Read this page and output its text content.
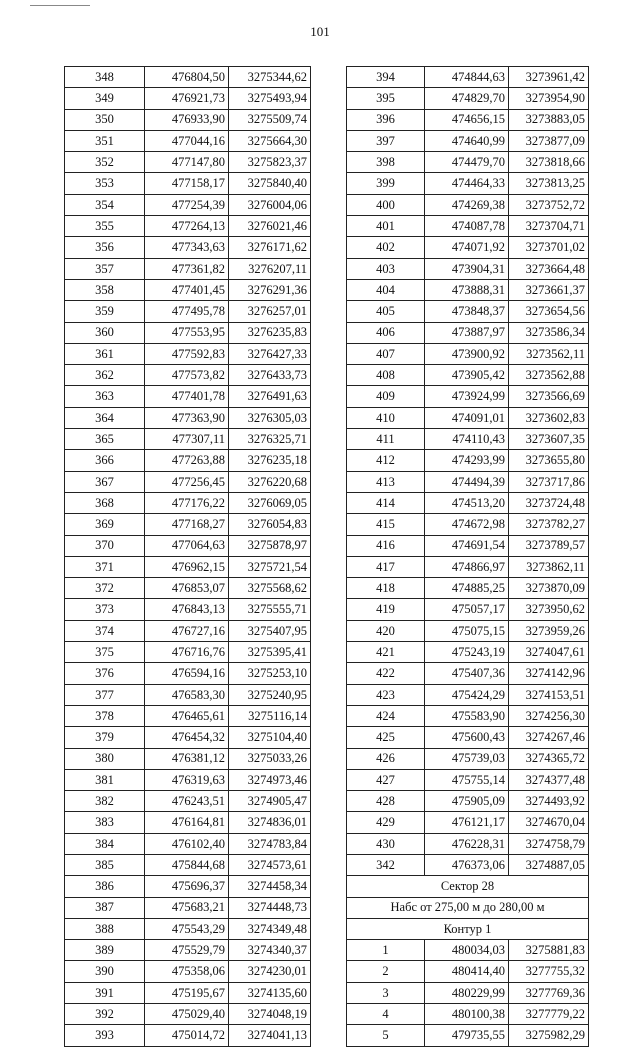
101
348	476804,50	3275344,62
349	476921,73	3275493,94
350	476933,90	3275509,74
351	477044,16	3275664,30
352	477147,80	3275823,37
353	477158,17	3275840,40
354	477254,39	3276004,06
355	477264,13	3276021,46
356	477343,63	3276171,62
357	477361,82	3276207,11
358	477401,45	3276291,36
359	477495,78	3276257,01
360	477553,95	3276235,83
361	477592,83	3276427,33
362	477573,82	3276433,73
363	477401,78	3276491,63
364	477363,90	3276305,03
365	477307,11	3276325,71
366	477263,88	3276235,18
367	477256,45	3276220,68
368	477176,22	3276069,05
369	477168,27	3276054,83
370	477064,63	3275878,97
371	476962,15	3275721,54
372	476853,07	3275568,62
373	476843,13	3275555,71
374	476727,16	3275407,95
375	476716,76	3275395,41
376	476594,16	3275253,10
377	476583,30	3275240,95
378	476465,61	3275116,14
379	476454,32	3275104,40
380	476381,12	3275033,26
381	476319,63	3274973,46
382	476243,51	3274905,47
383	476164,81	3274836,01
384	476102,40	3274783,84
385	475844,68	3274573,61
386	475696,37	3274458,34
387	475683,21	3274448,73
388	475543,29	3274349,48
389	475529,79	3274340,37
390	475358,06	3274230,01
391	475195,67	3274135,60
392	475029,40	3274048,19
393	475014,72	3274041,13
394	474844,63	3273961,42
395	474829,70	3273954,90
396	474656,15	3273883,05
397	474640,99	3273877,09
398	474479,70	3273818,66
399	474464,33	3273813,25
400	474269,38	3273752,72
401	474087,78	3273704,71
402	474071,92	3273701,02
403	473904,31	3273664,48
404	473888,31	3273661,37
405	473848,37	3273654,56
406	473887,97	3273586,34
407	473900,92	3273562,11
408	473905,42	3273562,88
409	473924,99	3273566,69
410	474091,01	3273602,83
411	474110,43	3273607,35
412	474293,99	3273655,80
413	474494,39	3273717,86
414	474513,20	3273724,48
415	474672,98	3273782,27
416	474691,54	3273789,57
417	474866,97	3273862,11
418	474885,25	3273870,09
419	475057,17	3273950,62
420	475075,15	3273959,26
421	475243,19	3274047,61
422	475407,36	3274142,96
423	475424,29	3274153,51
424	475583,90	3274256,30
425	475600,43	3274267,46
426	475739,03	3274365,72
427	475755,14	3274377,48
428	475905,09	3274493,92
429	476121,17	3274670,04
430	476228,31	3274758,79
342	476373,06	3274887,05
Сектор 28		
Набс от 275,00 м до 280,00 м		
Контур 1		
1	480034,03	3275881,83
2	480414,40	3277755,32
3	480229,99	3277769,36
4	480100,38	3277779,22
5	479735,55	3275982,29
